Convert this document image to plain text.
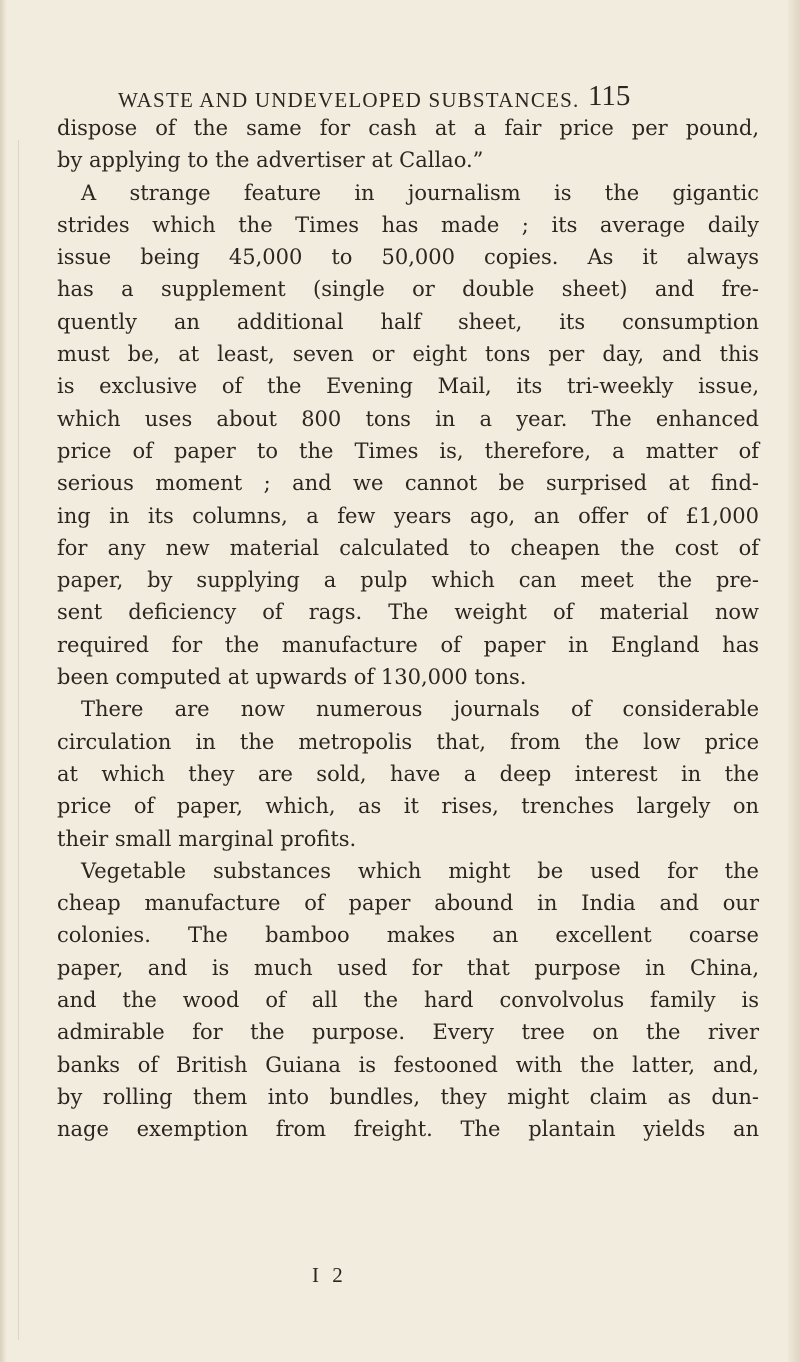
WASTE AND UNDEVELOPED SUBSTANCES. 115
dispose of the same for cash at a fair price per pound,
by applying to the advertiser at Callao.”
A strange feature in journalism is the gigantic
strides which the Times has made ; its average daily
issue being 45,000 to 50,000 copies. As it always
has a supplement (single or double sheet) and fre-
quently an additional half sheet, its consumption
must be, at least, seven or eight tons per day, and this
is exclusive of the Evening Mail, its tri-weekly issue,
which uses about 800 tons in a year. The enhanced
price of paper to the Times is, therefore, a matter of
serious moment ; and we cannot be surprised at find-
ing in its columns, a few years ago, an offer of £1,000
for any new material calculated to cheapen the cost of
paper, by supplying a pulp which can meet the pre-
sent deficiency of rags. The weight of material now
required for the manufacture of paper in England has
been computed at upwards of 130,000 tons.
There are now numerous journals of considerable
circulation in the metropolis that, from the low price
at which they are sold, have a deep interest in the
price of paper, which, as it rises, trenches largely on
their small marginal profits.
Vegetable substances which might be used for the
cheap manufacture of paper abound in India and our
colonies. The bamboo makes an excellent coarse
paper, and is much used for that purpose in China,
and the wood of all the hard convolvolus family is
admirable for the purpose. Every tree on the river
banks of British Guiana is festooned with the latter, and,
by rolling them into bundles, they might claim as dun-
nage exemption from freight. The plantain yields an
I 2
